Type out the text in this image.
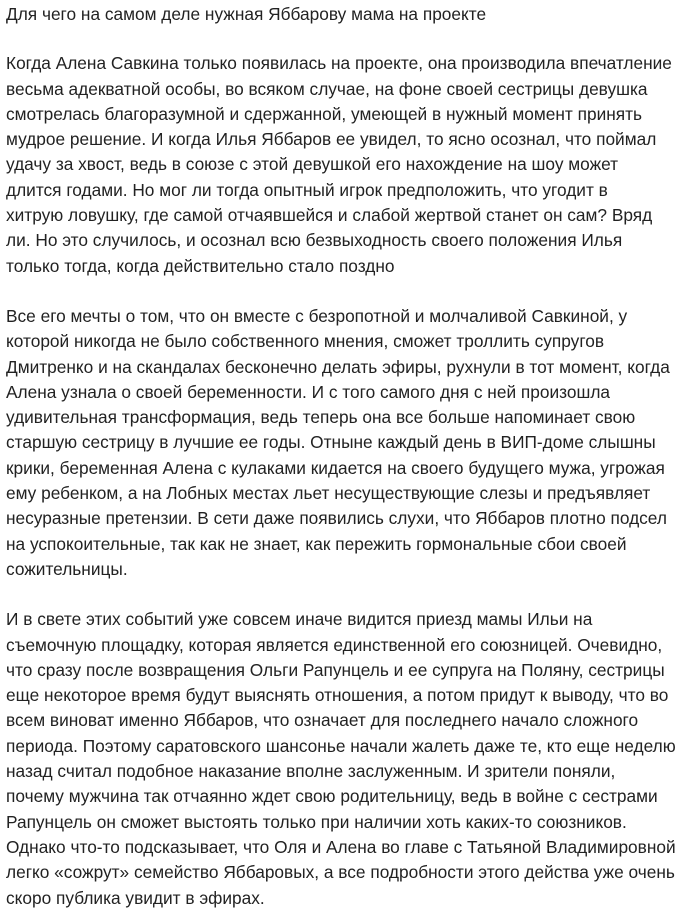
Для чего на самом деле нужная Яббарову мама на проекте

Когда Алена Савкина только появилась на проекте, она производила впечатление
весьма адекватной особы, во всяком случае, на фоне своей сестрицы девушка
смотрелась благоразумной и сдержанной, умеющей в нужный момент принять
мудрое решение. И когда Илья Яббаров ее увидел, то ясно осознал, что поймал
удачу за хвост, ведь в союзе с этой девушкой его нахождение на шоу может
длится годами. Но мог ли тогда опытный игрок предположить, что угодит в
хитрую ловушку, где самой отчаявшейся и слабой жертвой станет он сам? Вряд
ли. Но это случилось, и осознал всю безвыходность своего положения Илья
только тогда, когда действительно стало поздно

Все его мечты о том, что он вместе с безропотной и молчаливой Савкиной, у
которой никогда не было собственного мнения, сможет троллить супругов
Дмитренко и на скандалах бесконечно делать эфиры, рухнули в тот момент, когда
Алена узнала о своей беременности. И с того самого дня с ней произошла
удивительная трансформация, ведь теперь она все больше напоминает свою
старшую сестрицу в лучшие ее годы. Отныне каждый день в ВИП-доме слышны
крики, беременная Алена с кулаками кидается на своего будущего мужа, угрожая
ему ребенком, а на Лобных местах льет несуществующие слезы и предъявляет
несуразные претензии. В сети даже появились слухи, что Яббаров плотно подсел
на успокоительные, так как не знает, как пережить гормональные сбои своей
сожительницы.

И в свете этих событий уже совсем иначе видится приезд мамы Ильи на
съемочную площадку, которая является единственной его союзницей. Очевидно,
что сразу после возвращения Ольги Рапунцель и ее супруга на Поляну, сестрицы
еще некоторое время будут выяснять отношения, а потом придут к выводу, что во
всем виноват именно Яббаров, что означает для последнего начало сложного
периода. Поэтому саратовского шансонье начали жалеть даже те, кто еще неделю
назад считал подобное наказание вполне заслуженным. И зрители поняли,
почему мужчина так отчаянно ждет свою родительницу, ведь в войне с сестрами
Рапунцель он сможет выстоять только при наличии хоть каких-то союзников.
Однако что-то подсказывает, что Оля и Алена во главе с Татьяной Владимировной
легко «сожрут» семейство Яббаровых, а все подробности этого действа уже очень
скоро публика увидит в эфирах.
